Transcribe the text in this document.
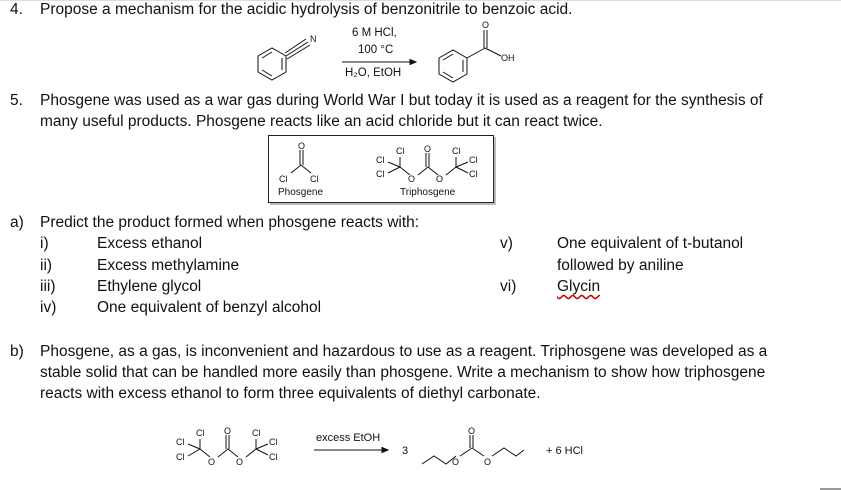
4. Propose a mechanism for the acidic hydrolysis of benzonitrile to benzoic acid.
N	6 M HCl,
100 °C
H₂O, EtOH
O
OH
5. Phosgene was used as a war gas during World War I but today it is used as a reagent for the synthesis of
many useful products. Phosgene reacts like an acid chloride but it can react twice.
O
Cl	Cl
Phosgene
Cl
Cl
Cl	O
O
O
Cl
Cl
Cl
Triphosgene
a) Predict the product formed when phosgene reacts with:
i)	Excess ethanol
ii)	Excess methylamine
iii)	Ethylene glycol
iv)	One equivalent of benzyl alcohol
v)	One equivalent of t-butanol
followed by aniline
vi)	Glycin
b) Phosgene, as a gas, is inconvenient and hazardous to use as a reagent. Triphosgene was developed as a
stable solid that can be handled more easily than phosgene. Write a mechanism to show how triphosgene
reacts with excess ethanol to form three equivalents of diethyl carbonate.
Cl
Cl
Cl	O
O
O
Cl
Cl
Cl
excess EtOH
3
O
O	O
+ 6 HCl
